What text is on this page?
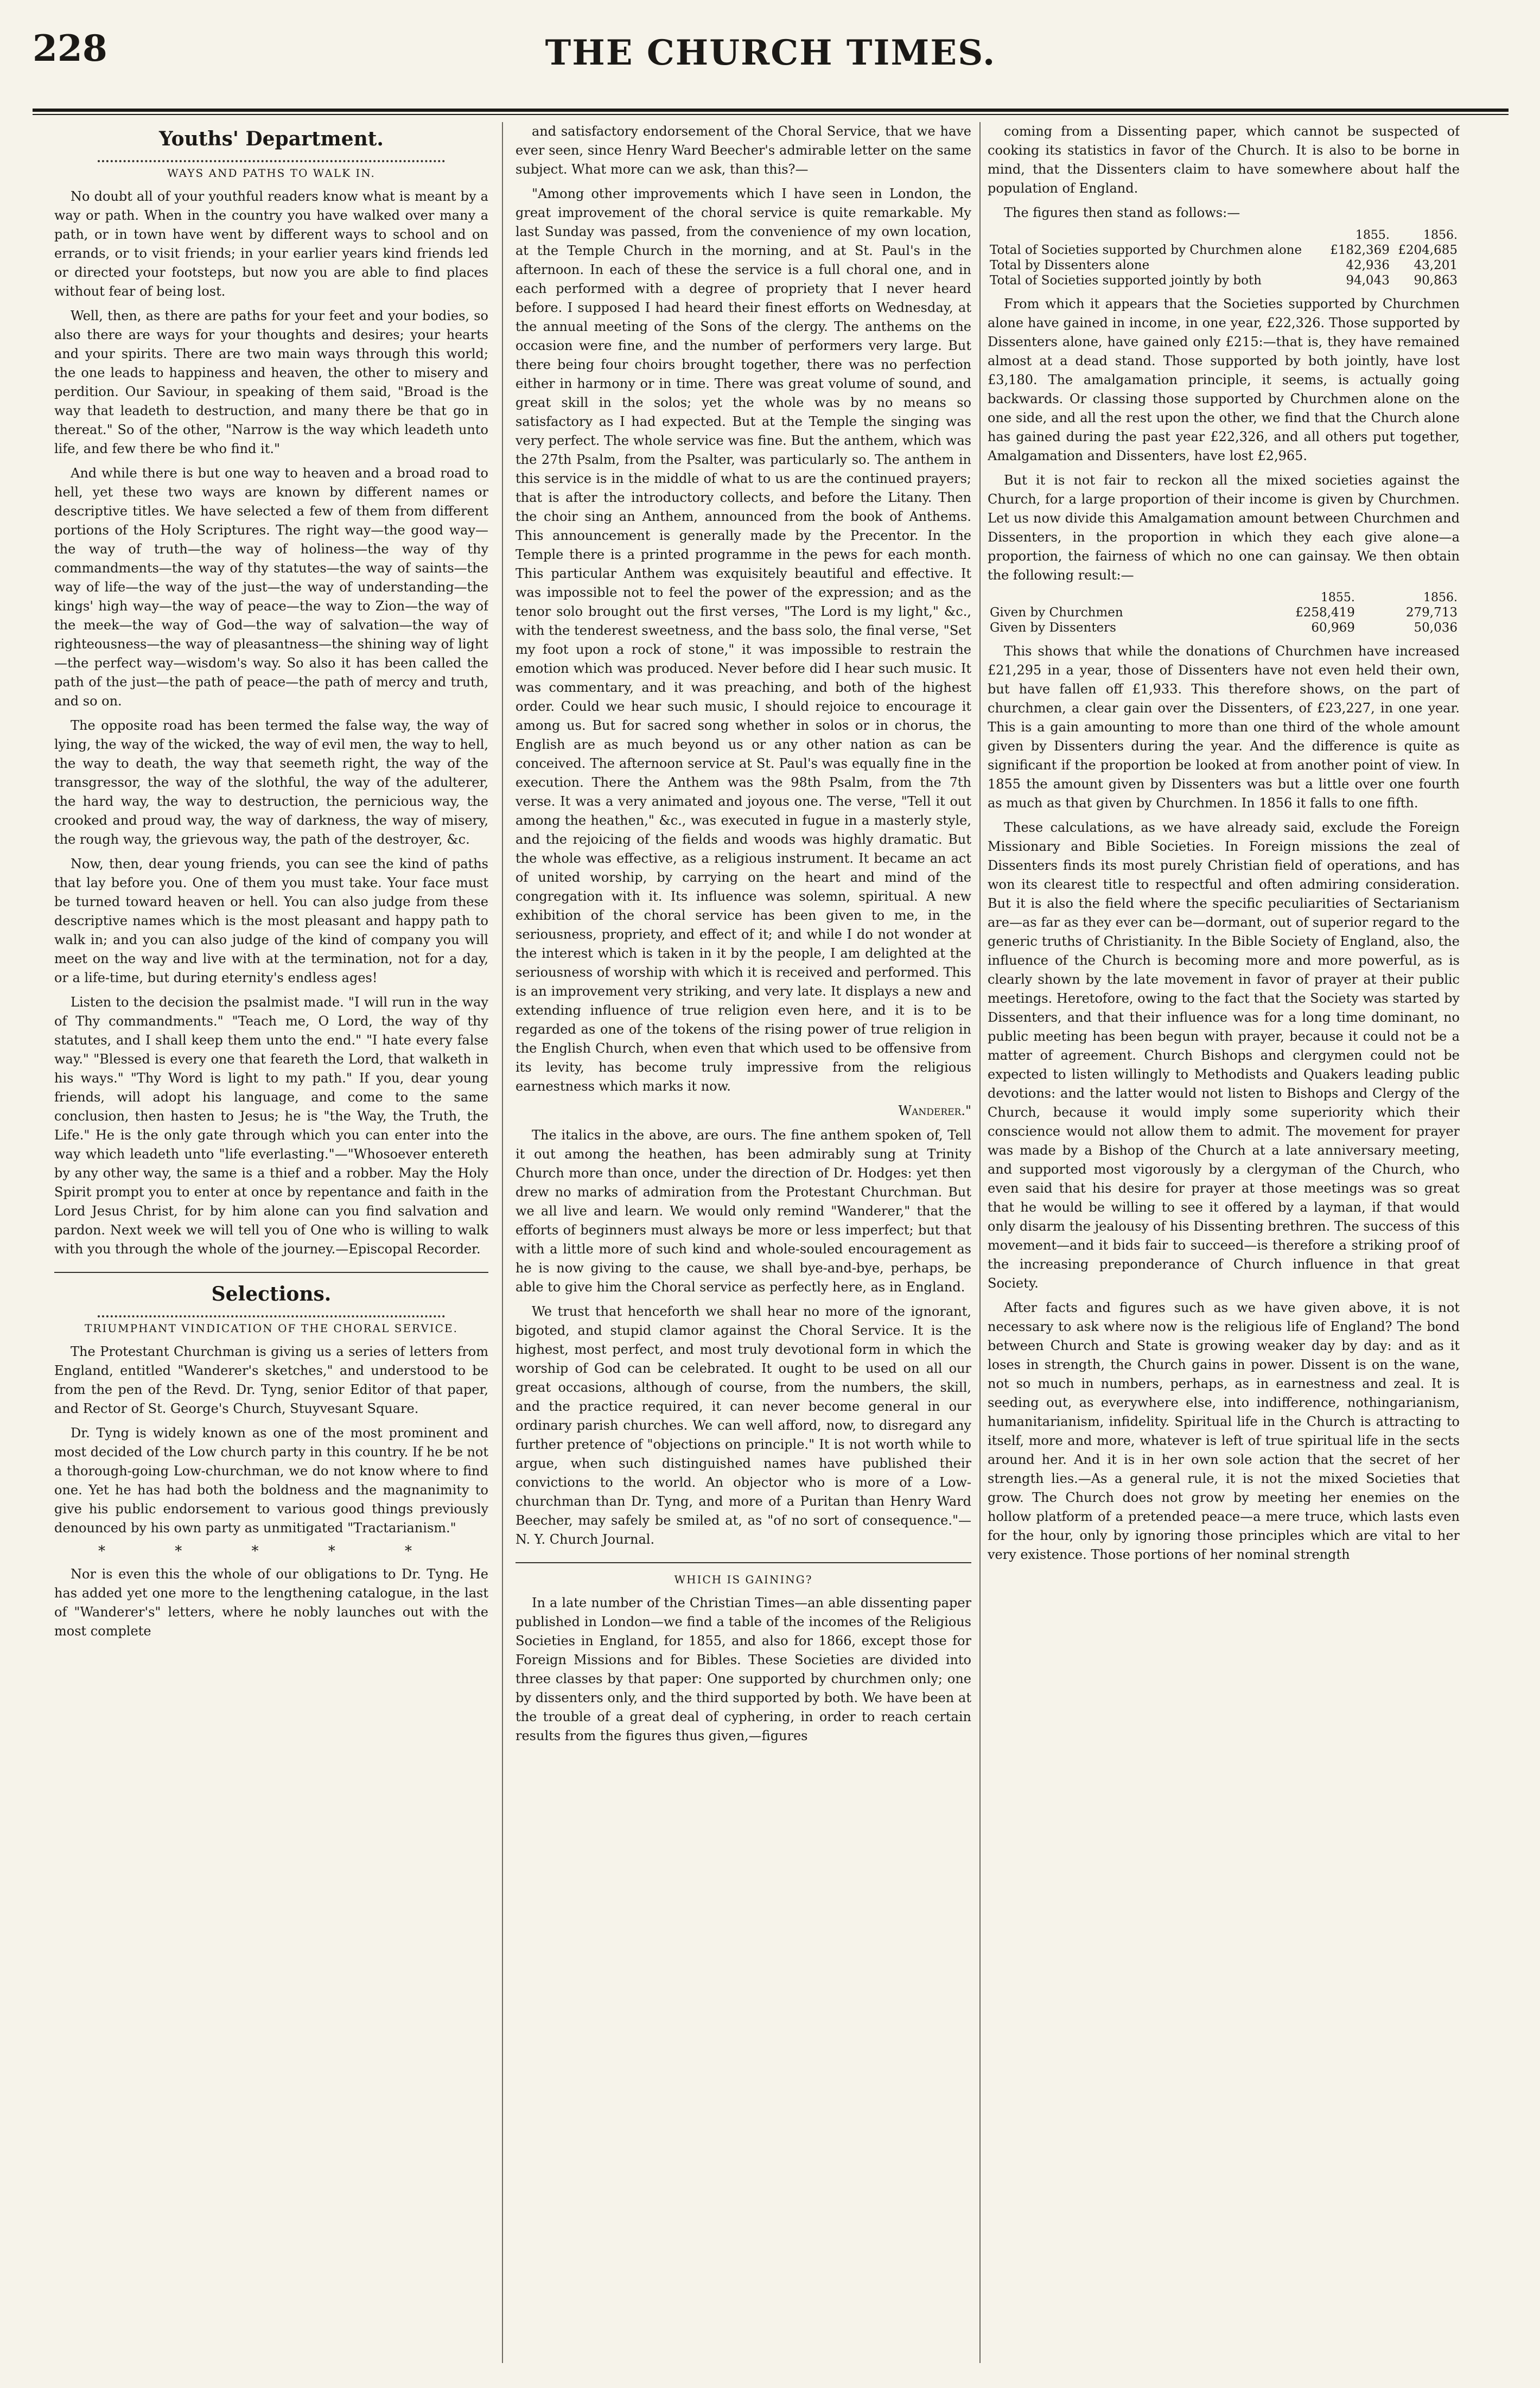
228	THE CHURCH TIMES.
Youths' Department.
WAYS AND PATHS TO WALK IN.

No doubt all of your youthful readers know what is meant by a way or path. When in the country you have walked over many a path, or in town have went by different ways to school and on errands, or to visit friends; in your earlier years kind friends led or directed your footsteps, but now you are able to find places without fear of being lost.

Well, then, as there are paths for your feet and your bodies, so also there are ways for your thoughts and desires; your hearts and your spirits. There are two main ways through this world; the one leads to happiness and heaven, the other to misery and perdition. Our Saviour, in speaking of them said, "Broad is the way that leadeth to destruction, and many there be that go in thereat." So of the other, "Narrow is the way which leadeth unto life, and few there be who find it."

And while there is but one way to heaven and a broad road to hell, yet these two ways are known by different names or descriptive titles. We have selected a few of them from different portions of the Holy Scriptures. The right way—the good way—the way of truth—the way of holiness—the way of thy commandments—the way of thy statutes—the way of saints—the way of life—the way of the just—the way of understanding—the kings' high way—the way of peace—the way to Zion—the way of the meek—the way of God—the way of salvation—the way of righteousness—the way of pleasantness—the shining way of light—the perfect way—wisdom's way. So also it has been called the path of the just—the path of peace—the path of mercy and truth, and so on.

The opposite road has been termed the false way, the way of lying, the way of the wicked, the way of evil men, the way to hell, the way to death, the way that seemeth right, the way of the transgressor, the way of the slothful, the way of the adulterer, the hard way, the way to destruction, the pernicious way, the crooked and proud way, the way of darkness, the way of misery, the rough way, the grievous way, the path of the destroyer, &c.

Now, then, dear young friends, you can see the kind of paths that lay before you. One of them you must take. Your face must be turned toward heaven or hell. You can also judge from these descriptive names which is the most pleasant and happy path to walk in; and you can also judge of the kind of company you will meet on the way and live with at the termination, not for a day, or a life-time, but during eternity's endless ages!

Listen to the decision the psalmist made. "I will run in the way of Thy commandments." "Teach me, O Lord, the way of thy statutes, and I shall keep them unto the end." "I hate every false way." "Blessed is every one that feareth the Lord, that walketh in his ways." "Thy Word is light to my path." If you, dear young friends, will adopt his language, and come to the same conclusion, then hasten to Jesus; he is "the Way, the Truth, the Life." He is the only gate through which you can enter into the way which leadeth unto "life everlasting."—"Whosoever entereth by any other way, the same is a thief and a robber. May the Holy Spirit prompt you to enter at once by repentance and faith in the Lord Jesus Christ, for by him alone can you find salvation and pardon. Next week we will tell you of One who is willing to walk with you through the whole of the journey.—Episcopal Recorder.

Selections.
TRIUMPHANT VINDICATION OF THE CHORAL SERVICE.

The Protestant Churchman is giving us a series of letters from England, entitled "Wanderer's sketches," and understood to be from the pen of the Revd. Dr. Tyng, senior Editor of that paper, and Rector of St. George's Church, Stuyvesant Square.

Dr. Tyng is widely known as one of the most prominent and most decided of the Low church party in this country. If he be not a thorough-going Low-churchman, we do not know where to find one. Yet he has had both the boldness and the magnanimity to give his public endorsement to various good things previously denounced by his own party as unmitigated "Tractarianism."

* * * * *

Nor is even this the whole of our obligations to Dr. Tyng. He has added yet one more to the lengthening catalogue, in the last of "Wanderer's" letters, where he nobly launches out with the most complete

and satisfactory endorsement of the Choral Service, that we have ever seen, since Henry Ward Beecher's admirable letter on the same subject. What more can we ask, than this?—

"Among other improvements which I have seen in London, the great improvement of the choral service is quite remarkable. My last Sunday was passed, from the convenience of my own location, at the Temple Church in the morning, and at St. Paul's in the afternoon. In each of these the service is a full choral one, and in each performed with a degree of propriety that I never heard before. I supposed I had heard their finest efforts on Wednesday, at the annual meeting of the Sons of the clergy. The anthems on the occasion were fine, and the number of performers very large. But there being four choirs brought together, there was no perfection either in harmony or in time. There was great volume of sound, and great skill in the solos; yet the whole was by no means so satisfactory as I had expected. But at the Temple the singing was very perfect. The whole service was fine. But the anthem, which was the 27th Psalm, from the Psalter, was particularly so. The anthem in this service is in the middle of what to us are the continued prayers; that is after the introductory collects, and before the Litany. Then the choir sing an Anthem, announced from the book of Anthems. This announcement is generally made by the Precentor. In the Temple there is a printed programme in the pews for each month. This particular Anthem was exquisitely beautiful and effective. It was impossible not to feel the power of the expression; and as the tenor solo brought out the first verses, "The Lord is my light," &c., with the tenderest sweetness, and the bass solo, the final verse, "Set my foot upon a rock of stone," it was impossible to restrain the emotion which was produced. Never before did I hear such music. It was commentary, and it was preaching, and both of the highest order. Could we hear such music, I should rejoice to encourage it among us. But for sacred song whether in solos or in chorus, the English are as much beyond us or any other nation as can be conceived. The afternoon service at St. Paul's was equally fine in the execution. There the Anthem was the 98th Psalm, from the 7th verse. It was a very animated and joyous one. The verse, "Tell it out among the heathen," &c., was executed in fugue in a masterly style, and the rejoicing of the fields and woods was highly dramatic. But the whole was effective, as a religious instrument. It became an act of united worship, by carrying on the heart and mind of the congregation with it. Its influence was solemn, spiritual. A new exhibition of the choral service has been given to me, in the seriousness, propriety, and effect of it; and while I do not wonder at the interest which is taken in it by the people, I am delighted at the seriousness of worship with which it is received and performed. This is an improvement very striking, and very late. It displays a new and extending influence of true religion even here, and it is to be regarded as one of the tokens of the rising power of true religion in the English Church, when even that which used to be offensive from its levity, has become truly impressive from the religious earnestness which marks it now.

Wanderer."

The italics in the above, are ours. The fine anthem spoken of, Tell it out among the heathen, has been admirably sung at Trinity Church more than once, under the direction of Dr. Hodges: yet then drew no marks of admiration from the Protestant Churchman. But we all live and learn. We would only remind "Wanderer," that the efforts of beginners must always be more or less imperfect; but that with a little more of such kind and whole-souled encouragement as he is now giving to the cause, we shall bye-and-bye, perhaps, be able to give him the Choral service as perfectly here, as in England.

We trust that henceforth we shall hear no more of the ignorant, bigoted, and stupid clamor against the Choral Service. It is the highest, most perfect, and most truly devotional form in which the worship of God can be celebrated. It ought to be used on all our great occasions, although of course, from the numbers, the skill, and the practice required, it can never become general in our ordinary parish churches. We can well afford, now, to disregard any further pretence of "objections on principle." It is not worth while to argue, when such distinguished names have published their convictions to the world. An objector who is more of a Low-churchman than Dr. Tyng, and more of a Puritan than Henry Ward Beecher, may safely be smiled at, as "of no sort of consequence."—N. Y. Church Journal.

WHICH IS GAINING?

In a late number of the Christian Times—an able dissenting paper published in London—we find a table of the incomes of the Religious Societies in England, for 1855, and also for 1866, except those for Foreign Missions and for Bibles. These Societies are divided into three classes by that paper: One supported by churchmen only; one by dissenters only, and the third supported by both. We have been at the trouble of a great deal of cyphering, in order to reach certain results from the figures thus given,—figures

coming from a Dissenting paper, which cannot be suspected of cooking its statistics in favor of the Church. It is also to be borne in mind, that the Dissenters claim to have somewhere about half the population of England.

The figures then stand as follows:—

	1855.	1856.
Total of Societies supported by Churchmen alone	£182,369	£204,685
Total by Dissenters alone	42,936	43,201
Total of Societies supported jointly by both	94,043	90,863

From which it appears that the Societies supported by Churchmen alone have gained in income, in one year, £22,326. Those supported by Dissenters alone, have gained only £215:—that is, they have remained almost at a dead stand. Those supported by both jointly, have lost £3,180. The amalgamation principle, it seems, is actually going backwards. Or classing those supported by Churchmen alone on the one side, and all the rest upon the other, we find that the Church alone has gained during the past year £22,326, and all others put together, Amalgamation and Dissenters, have lost £2,965.

But it is not fair to reckon all the mixed societies against the Church, for a large proportion of their income is given by Churchmen. Let us now divide this Amalgamation amount between Churchmen and Dissenters, in the proportion in which they each give alone—a proportion, the fairness of which no one can gainsay. We then obtain the following result:—

	1855.	1856.
Given by Churchmen	£258,419	279,713
Given by Dissenters	60,969	50,036

This shows that while the donations of Churchmen have increased £21,295 in a year, those of Dissenters have not even held their own, but have fallen off £1,933. This therefore shows, on the part of churchmen, a clear gain over the Dissenters, of £23,227, in one year. This is a gain amounting to more than one third of the whole amount given by Dissenters during the year. And the difference is quite as significant if the proportion be looked at from another point of view. In 1855 the amount given by Dissenters was but a little over one fourth as much as that given by Churchmen. In 1856 it falls to one fifth.

These calculations, as we have already said, exclude the Foreign Missionary and Bible Societies. In Foreign missions the zeal of Dissenters finds its most purely Christian field of operations, and has won its clearest title to respectful and often admiring consideration. But it is also the field where the specific peculiarities of Sectarianism are—as far as they ever can be—dormant, out of superior regard to the generic truths of Christianity. In the Bible Society of England, also, the influence of the Church is becoming more and more powerful, as is clearly shown by the late movement in favor of prayer at their public meetings. Heretofore, owing to the fact that the Society was started by Dissenters, and that their influence was for a long time dominant, no public meeting has been begun with prayer, because it could not be a matter of agreement. Church Bishops and clergymen could not be expected to listen willingly to Methodists and Quakers leading public devotions: and the latter would not listen to Bishops and Clergy of the Church, because it would imply some superiority which their conscience would not allow them to admit. The movement for prayer was made by a Bishop of the Church at a late anniversary meeting, and supported most vigorously by a clergyman of the Church, who even said that his desire for prayer at those meetings was so great that he would be willing to see it offered by a layman, if that would only disarm the jealousy of his Dissenting brethren. The success of this movement—and it bids fair to succeed—is therefore a striking proof of the increasing preponderance of Church influence in that great Society.

After facts and figures such as we have given above, it is not necessary to ask where now is the religious life of England? The bond between Church and State is growing weaker day by day: and as it loses in strength, the Church gains in power. Dissent is on the wane, not so much in numbers, perhaps, as in earnestness and zeal. It is seeding out, as everywhere else, into indifference, nothingarianism, humanitarianism, infidelity. Spiritual life in the Church is attracting to itself, more and more, whatever is left of true spiritual life in the sects around her. And it is in her own sole action that the secret of her strength lies.—As a general rule, it is not the mixed Societies that grow. The Church does not grow by meeting her enemies on the hollow platform of a pretended peace—a mere truce, which lasts even for the hour, only by ignoring those principles which are vital to her very existence. Those portions of her nominal strength
